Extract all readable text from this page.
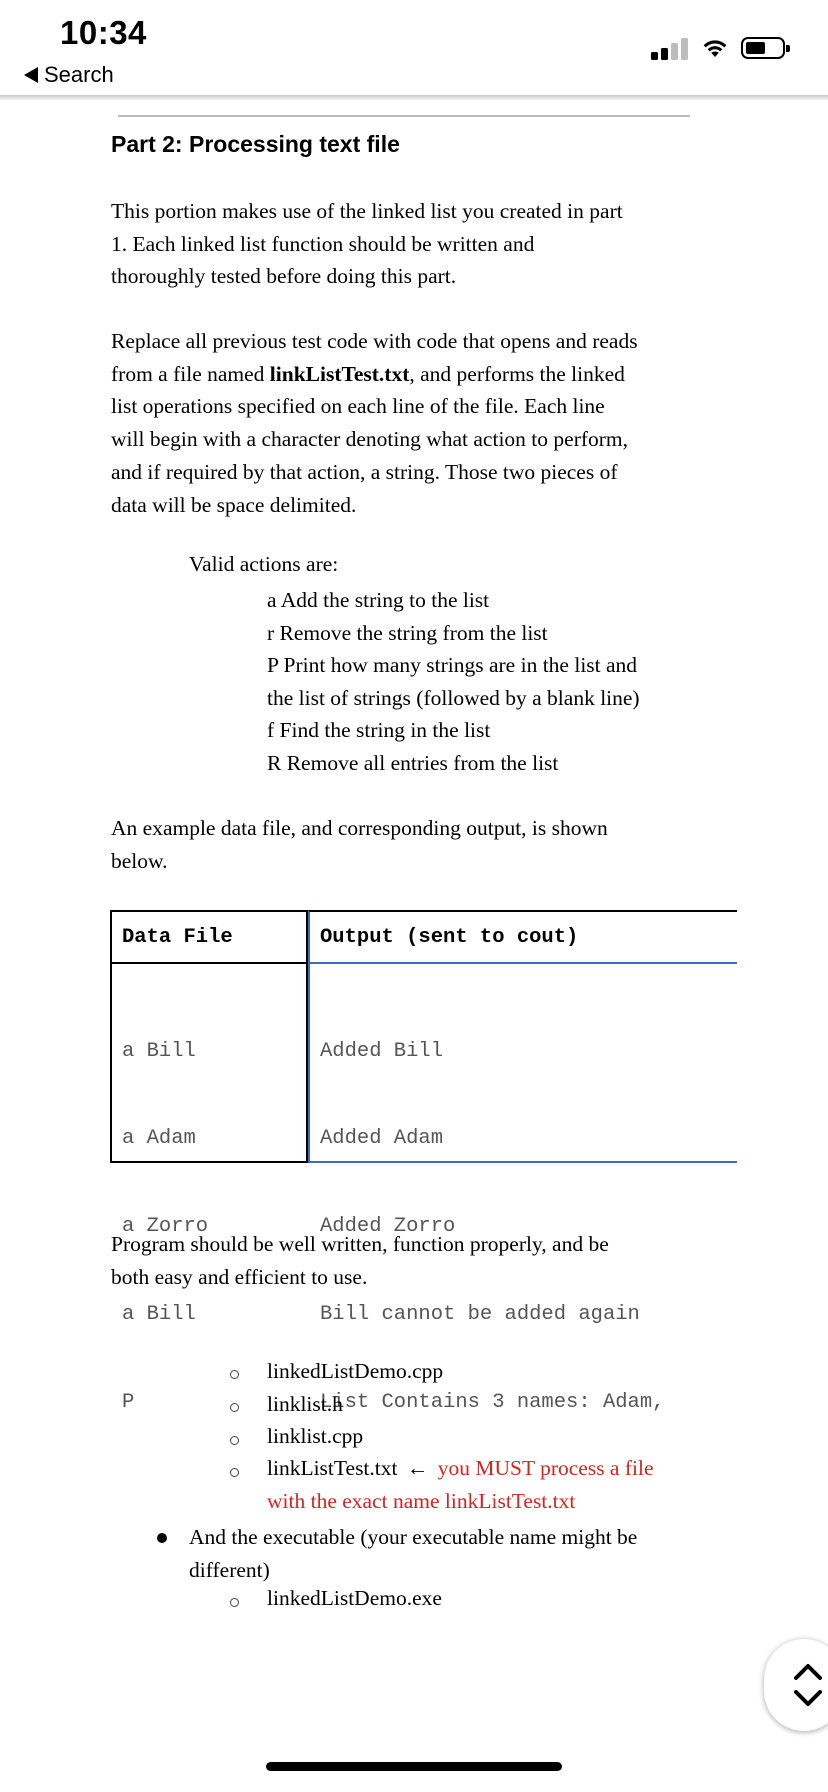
10:34
Search
Part 2: Processing text file
This portion makes use of the linked list you created in part
1. Each linked list function should be written and
thoroughly tested before doing this part.
Replace all previous test code with code that opens and reads
from a file named linkListTest.txt, and performs the linked
list operations specified on each line of the file. Each line
will begin with a character denoting what action to perform,
and if required by that action, a string. Those two pieces of
data will be space delimited.
Valid actions are:
a Add the string to the list
r Remove the string from the list
P Print how many strings are in the list and
the list of strings (followed by a blank line)
f Find the string in the list
R Remove all entries from the list
An example data file, and corresponding output, is shown
below.
Data File	Output (sent to cout)

a Bill

a Adam

a Zorro

a Bill

P

Added Bill

Added Adam

Added Zorro

Bill cannot be added again

List Contains 3 names: Adam,

Program should be well written, function properly, and be
both easy and efficient to use.
linkedListDemo.cpp
linklist.h
linklist.cpp
linkListTest.txt ← you MUST process a file
with the exact name linkListTest.txt
And the executable (your executable name might be
different)
linkedListDemo.exe
